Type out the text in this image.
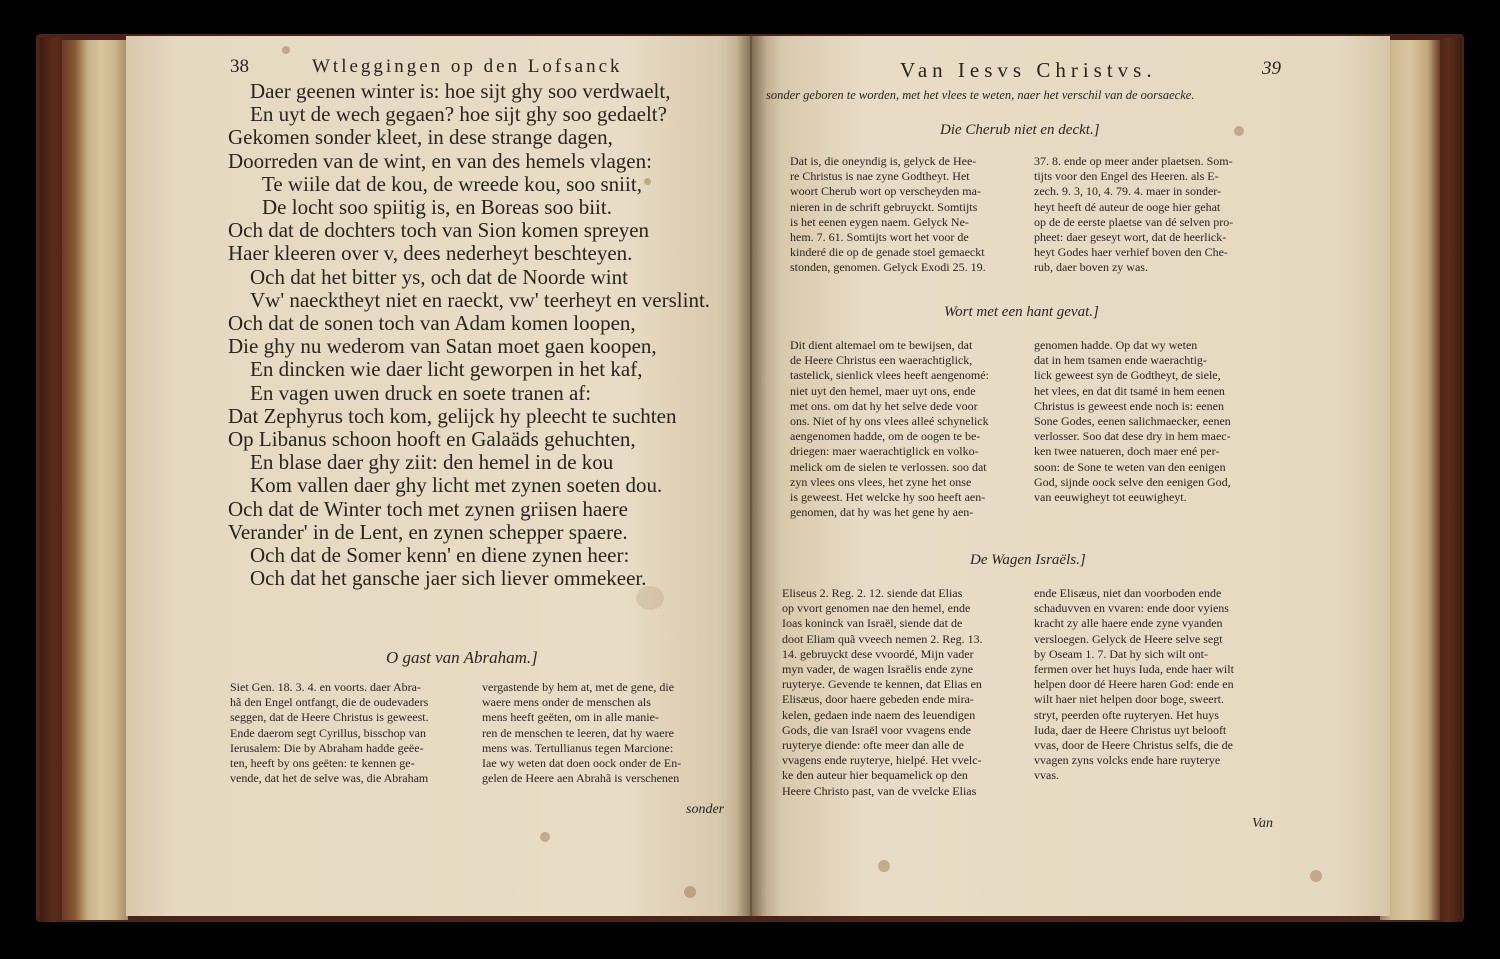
38	Wtleggingen op den Lofsanck
Daer geenen winter is: hoe sijt ghy soo verdwaelt,
En uyt de wech gegaen? hoe sijt ghy soo gedaelt?
Gekomen sonder kleet, in dese strange dagen,
Doorreden van de wint, en van des hemels vlagen:
Te wiile dat de kou, de wreede kou, soo sniit,
De locht soo spiitig is, en Boreas soo biit.
Och dat de dochters toch van Sion komen spreyen
Haer kleeren over v, dees nederheyt beschteyen.
Och dat het bitter ys, och dat de Noorde wint
Vw' naecktheyt niet en raeckt, vw' teerheyt en verslint.
Och dat de sonen toch van Adam komen loopen,
Die ghy nu wederom van Satan moet gaen koopen,
En dincken wie daer licht geworpen in het kaf,
En vagen uwen druck en soete tranen af:
Dat Zephyrus toch kom, gelijck hy pleecht te suchten
Op Libanus schoon hooft en Galaäds gehuchten,
En blase daer ghy ziit: den hemel in de kou
Kom vallen daer ghy licht met zynen soeten dou.
Och dat de Winter toch met zynen griisen haere
Verander' in de Lent, en zynen schepper spaere.
Och dat de Somer kenn' en diene zynen heer:
Och dat het gansche jaer sich liever ommekeer.
O gast van Abraham.]
Siet Gen. 18. 3. 4. en voorts. daer Abra-
hã den Engel ontfangt, die de oudevaders
seggen, dat de Heere Christus is geweest.
Ende daerom segt Cyrillus, bisschop van
Ierusalem: Die by Abraham hadde geëe-
ten, heeft by ons geëten: te kennen ge-
vende, dat het de selve was, die Abraham
vergastende by hem at, met de gene, die
waere mens onder de menschen als
mens heeft geëten, om in alle manie-
ren de menschen te leeren, dat hy waere
mens was. Tertullianus tegen Marcione:
Iae wy weten dat doen oock onder de En-
gelen de Heere aen Abrahã is verschenen
sonder
Van Iesvs Christvs.	39
sonder geboren te worden, met het vlees te weten, naer het verschil van de oorsaecke.
Die Cherub niet en deckt.]
Dat is, die oneyndig is, gelyck de Hee-
re Christus is nae zyne Godtheyt. Het
woort Cherub wort op verscheyden ma-
nieren in de schrift gebruyckt. Somtijts
is het eenen eygen naem. Gelyck Ne-
hem. 7. 61. Somtijts wort het voor de
kinderé die op de genade stoel gemaeckt
stonden, genomen. Gelyck Exodi 25. 19.
37. 8. ende op meer ander plaetsen. Som-
tijts voor den Engel des Heeren. als E-
zech. 9. 3, 10, 4. 79. 4. maer in sonder-
heyt heeft dé auteur de ooge hier gehat
op de de eerste plaetse van dé selven pro-
pheet: daer geseyt wort, dat de heerlick-
heyt Godes haer verhief boven den Che-
rub, daer boven zy was.
Wort met een hant gevat.]
Dit dient altemael om te bewijsen, dat
de Heere Christus een waerachtiglick,
tastelick, sienlick vlees heeft aengenomé:
niet uyt den hemel, maer uyt ons, ende
met ons. om dat hy het selve dede voor
ons. Niet of hy ons vlees alleé schynelick
aengenomen hadde, om de oogen te be-
driegen: maer waerachtiglick en volko-
melick om de sielen te verlossen. soo dat
zyn vlees ons vlees, het zyne het onse
is geweest. Het welcke hy soo heeft aen-
genomen, dat hy was het gene hy aen-
genomen hadde. Op dat wy weten
dat in hem tsamen ende waerachtig-
lick geweest syn de Godtheyt, de siele,
het vlees, en dat dit tsamé in hem eenen
Christus is geweest ende noch is: eenen
Sone Godes, eenen salichmaecker, eenen
verlosser. Soo dat dese dry in hem maec-
ken twee natueren, doch maer ené per-
soon: de Sone te weten van den eenigen
God, sijnde oock selve den eenigen God,
van eeuwigheyt tot eeuwigheyt.
De Wagen Israëls.]
Eliseus 2. Reg. 2. 12. siende dat Elias
op vvort genomen nae den hemel, ende
Ioas koninck van Israël, siende dat de
doot Eliam quã vveech nemen 2. Reg. 13.
14. gebruyckt dese vvoordé, Mijn vader
myn vader, de wagen Israëlis ende zyne
ruyterye. Gevende te kennen, dat Elias en
Elisæus, door haere gebeden ende mira-
kelen, gedaen inde naem des leuendigen
Gods, die van Israël voor vvagens ende
ruyterye diende: ofte meer dan alle de
vvagens ende ruyterye, hielpé. Het vvelc-
ke den auteur hier bequamelick op den
Heere Christo past, van de vvelcke Elias
ende Elisæus, niet dan voorboden ende
schaduvven en vvaren: ende door vyiens
kracht zy alle haere ende zyne vyanden
versloegen. Gelyck de Heere selve segt
by Oseam 1. 7. Dat hy sich wilt ont-
fermen over het huys Iuda, ende haer wilt
helpen door dé Heere haren God: ende en
wilt haer niet helpen door boge, sweert.
stryt, peerden ofte ruyteryen. Het huys
Iuda, daer de Heere Christus uyt belooft
vvas, door de Heere Christus selfs, die de
vvagen zyns volcks ende hare ruyterye
vvas.
Van
